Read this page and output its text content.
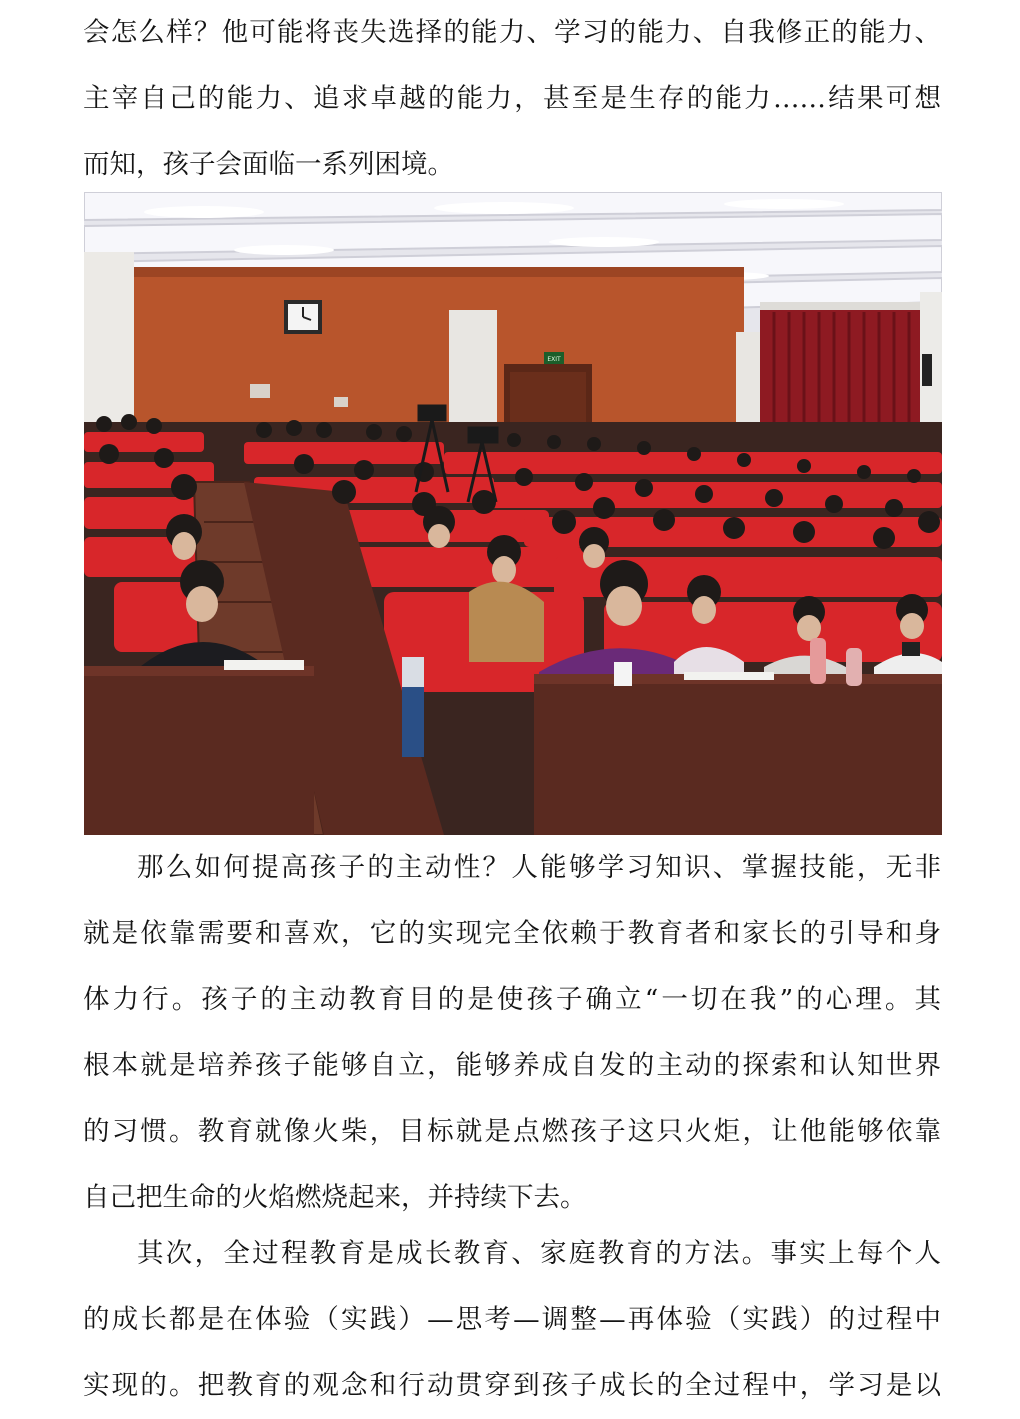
会怎么样？他可能将丧失选择的能力、学习的能力、自我修正的能力、
主宰自己的能力、追求卓越的能力，甚至是生存的能力……结果可想
而知，孩子会面临一系列困境。
EXIT
那么如何提高孩子的主动性？人能够学习知识、掌握技能，无非
就是依靠需要和喜欢，它的实现完全依赖于教育者和家长的引导和身
体力行。孩子的主动教育目的是使孩子确立“一切在我”的心理。其
根本就是培养孩子能够自立，能够养成自发的主动的探索和认知世界
的习惯。教育就像火柴，目标就是点燃孩子这只火炬，让他能够依靠
自己把生命的火焰燃烧起来，并持续下去。
其次，全过程教育是成长教育、家庭教育的方法。事实上每个人
的成长都是在体验（实践）—思考—调整—再体验（实践）的过程中
实现的。把教育的观念和行动贯穿到孩子成长的全过程中，学习是以
